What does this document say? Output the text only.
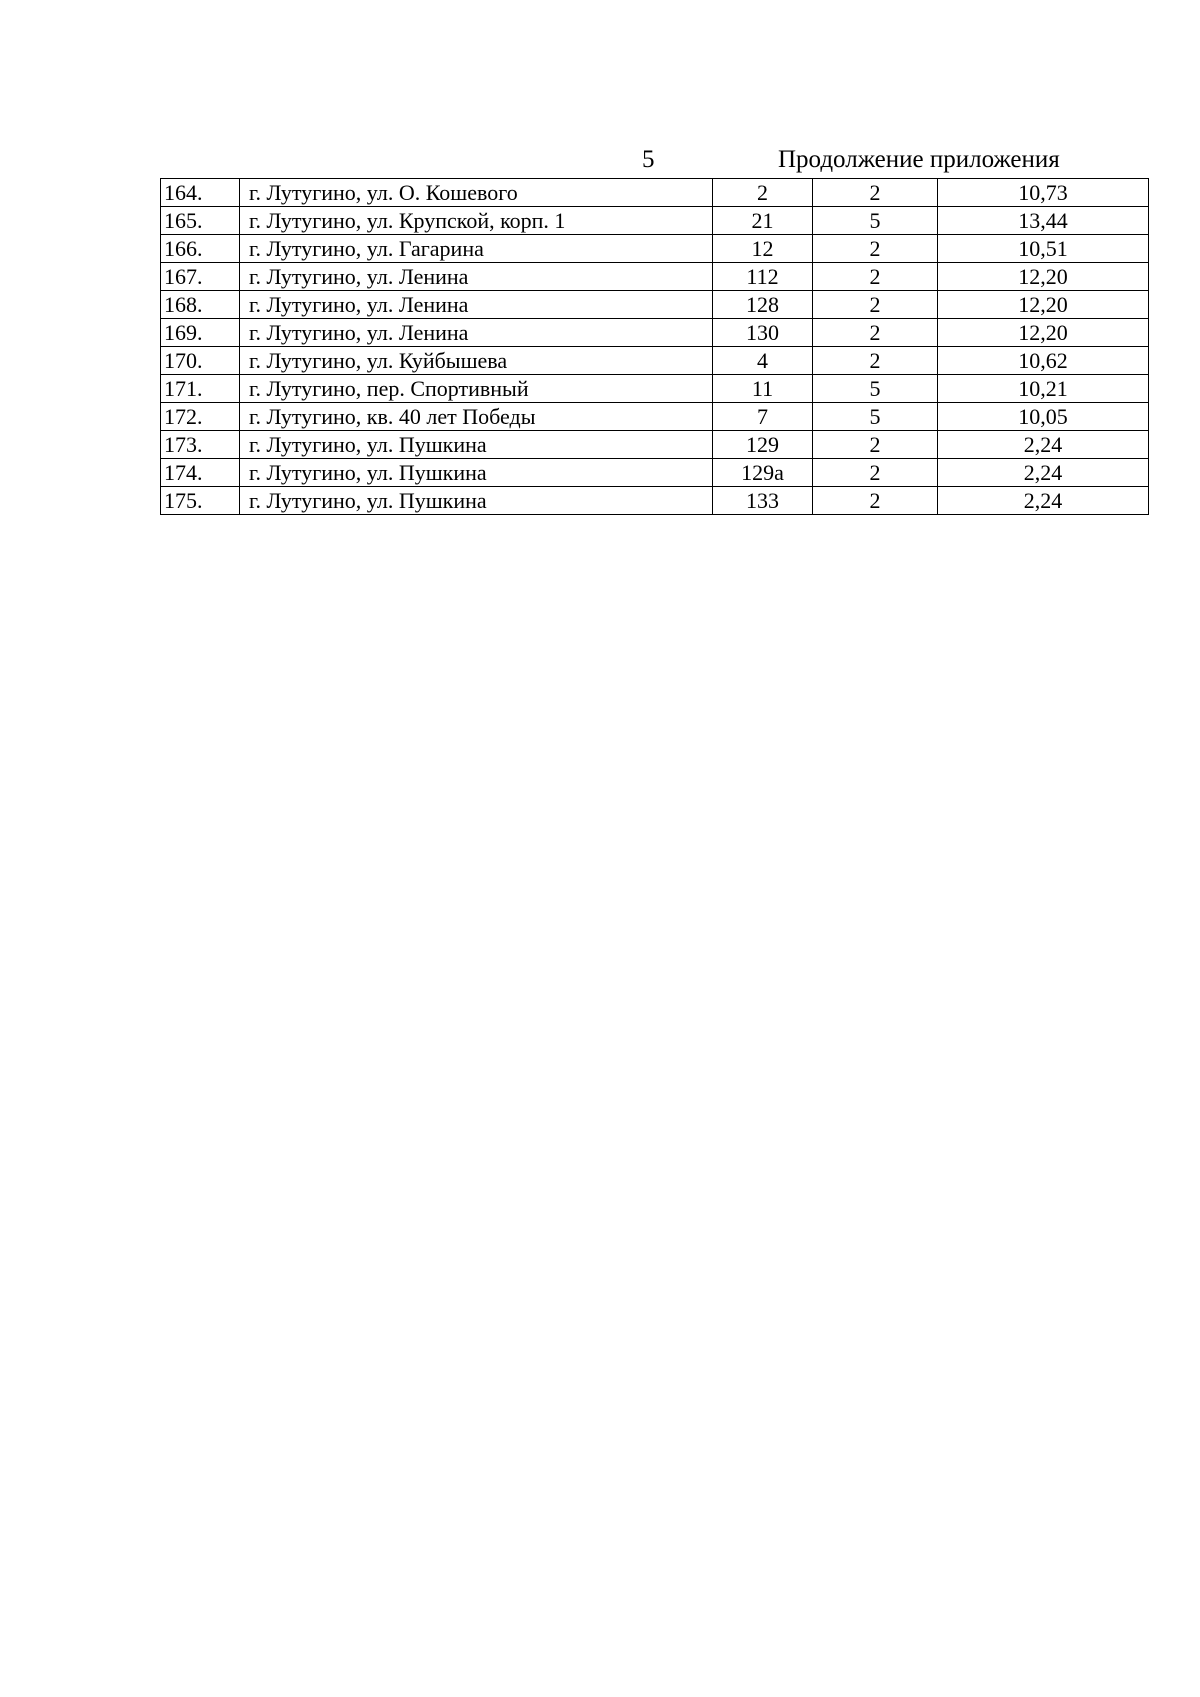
5	Продолжение приложения
164.	г. Лутугино, ул. О. Кошевого	2	2	10,73
165.	г. Лутугино, ул. Крупской, корп. 1	21	5	13,44
166.	г. Лутугино, ул. Гагарина	12	2	10,51
167.	г. Лутугино, ул. Ленина	112	2	12,20
168.	г. Лутугино, ул. Ленина	128	2	12,20
169.	г. Лутугино, ул. Ленина	130	2	12,20
170.	г. Лутугино, ул. Куйбышева	4	2	10,62
171.	г. Лутугино, пер. Спортивный	11	5	10,21
172.	г. Лутугино, кв. 40 лет Победы	7	5	10,05
173.	г. Лутугино, ул. Пушкина	129	2	2,24
174.	г. Лутугино, ул. Пушкина	129а	2	2,24
175.	г. Лутугино, ул. Пушкина	133	2	2,24
